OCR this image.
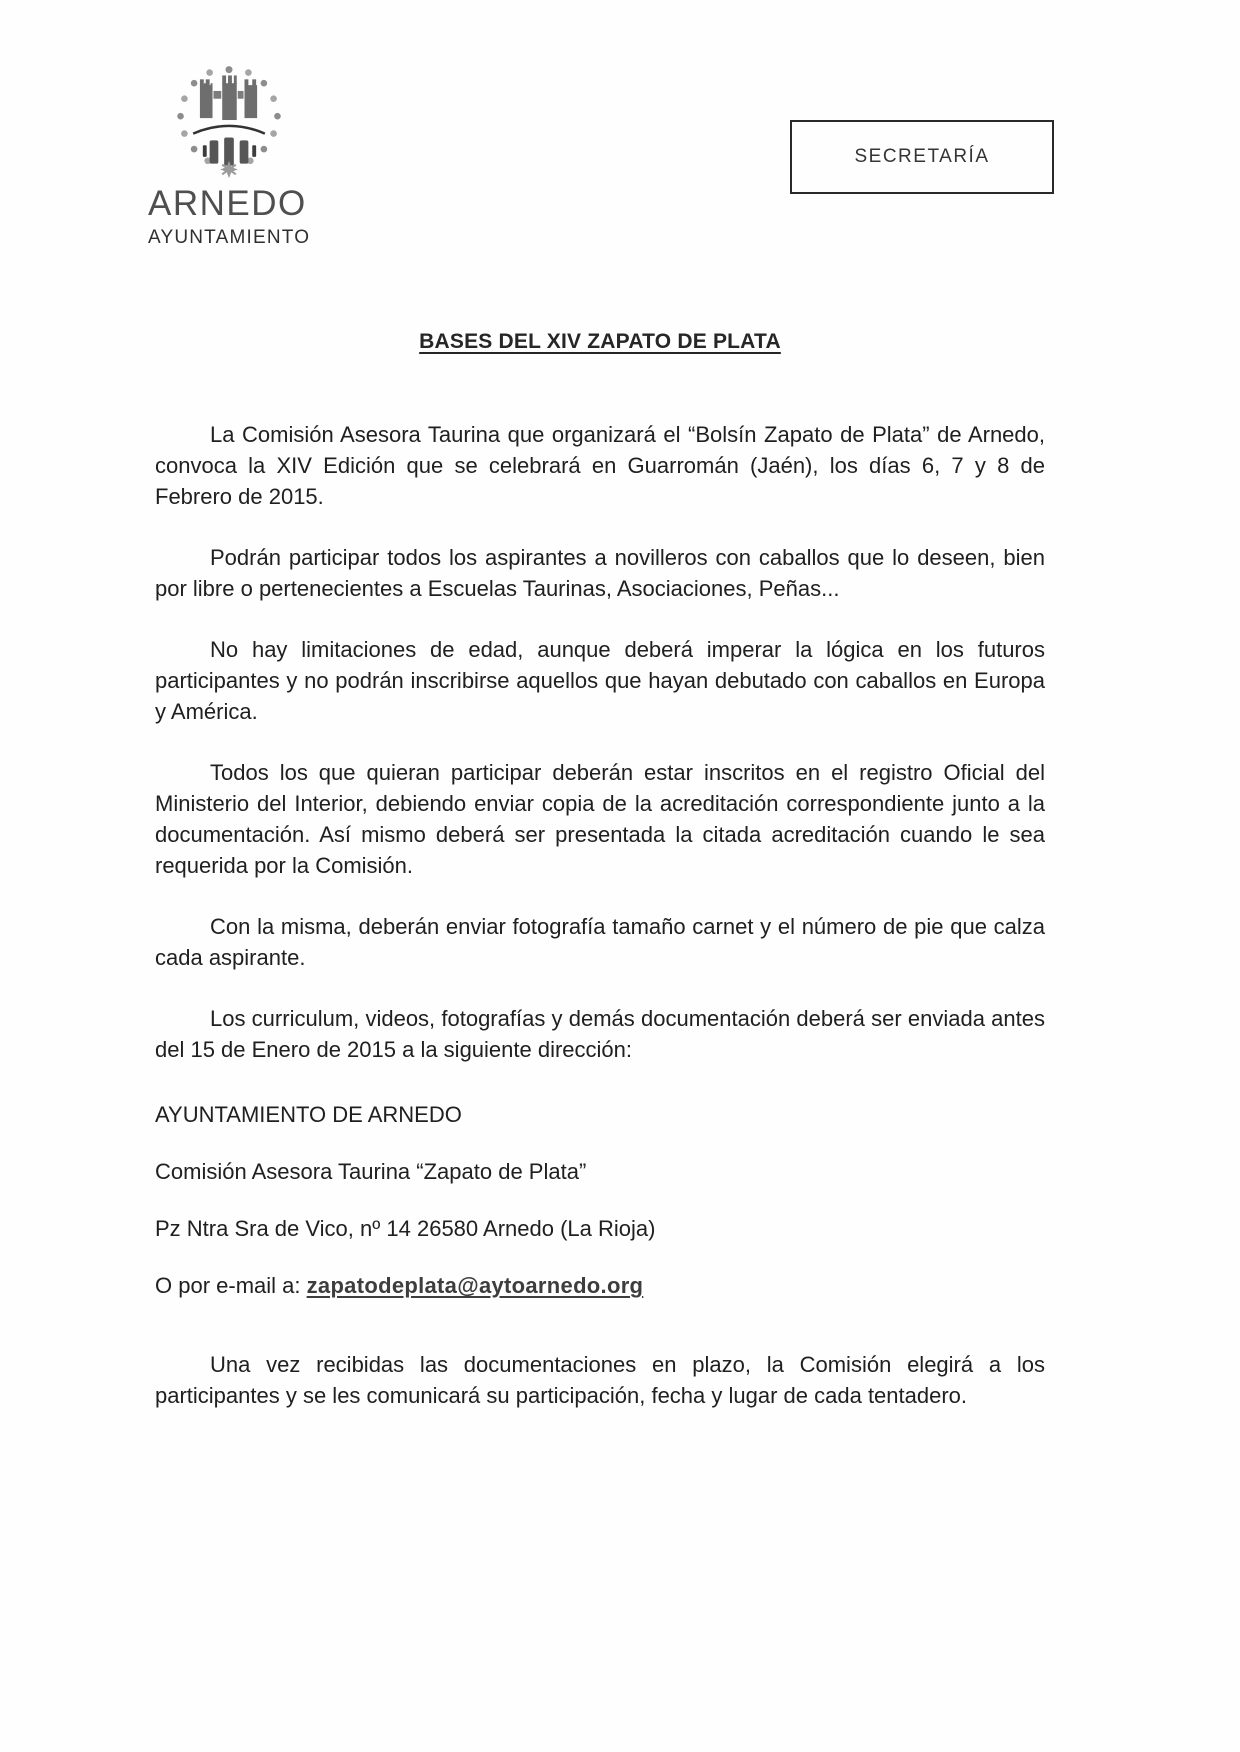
ARNEDO
AYUNTAMIENTO
SECRETARÍA
BASES DEL XIV ZAPATO DE PLATA

La Comisión Asesora Taurina que organizará el “Bolsín Zapato de Plata” de Arnedo, convoca la XIV Edición que se celebrará en Guarromán (Jaén), los días 6, 7 y 8 de Febrero de 2015.

Podrán participar todos los aspirantes a novilleros con caballos que lo deseen, bien por libre o pertenecientes a Escuelas Taurinas, Asociaciones, Peñas...

No hay limitaciones de edad, aunque deberá imperar la lógica en los futuros participantes y no podrán inscribirse aquellos que hayan debutado con caballos en Europa y América.

Todos los que quieran participar deberán estar inscritos en el registro Oficial del Ministerio del Interior, debiendo enviar copia de la acreditación correspondiente junto a la documentación. Así mismo deberá ser presentada la citada acreditación cuando le sea requerida por la Comisión.

Con la misma, deberán enviar fotografía tamaño carnet y el número de pie que calza cada aspirante.

Los curriculum, videos, fotografías y demás documentación deberá ser enviada antes del 15 de Enero de 2015 a la siguiente dirección:

AYUNTAMIENTO DE ARNEDO

Comisión Asesora Taurina “Zapato de Plata”

Pz Ntra Sra de Vico, nº 14 26580 Arnedo (La Rioja)

O por e-mail a: zapatodeplata@aytoarnedo.org

Una vez recibidas las documentaciones en plazo, la Comisión elegirá a los participantes y se les comunicará su participación, fecha y lugar de cada tentadero.
